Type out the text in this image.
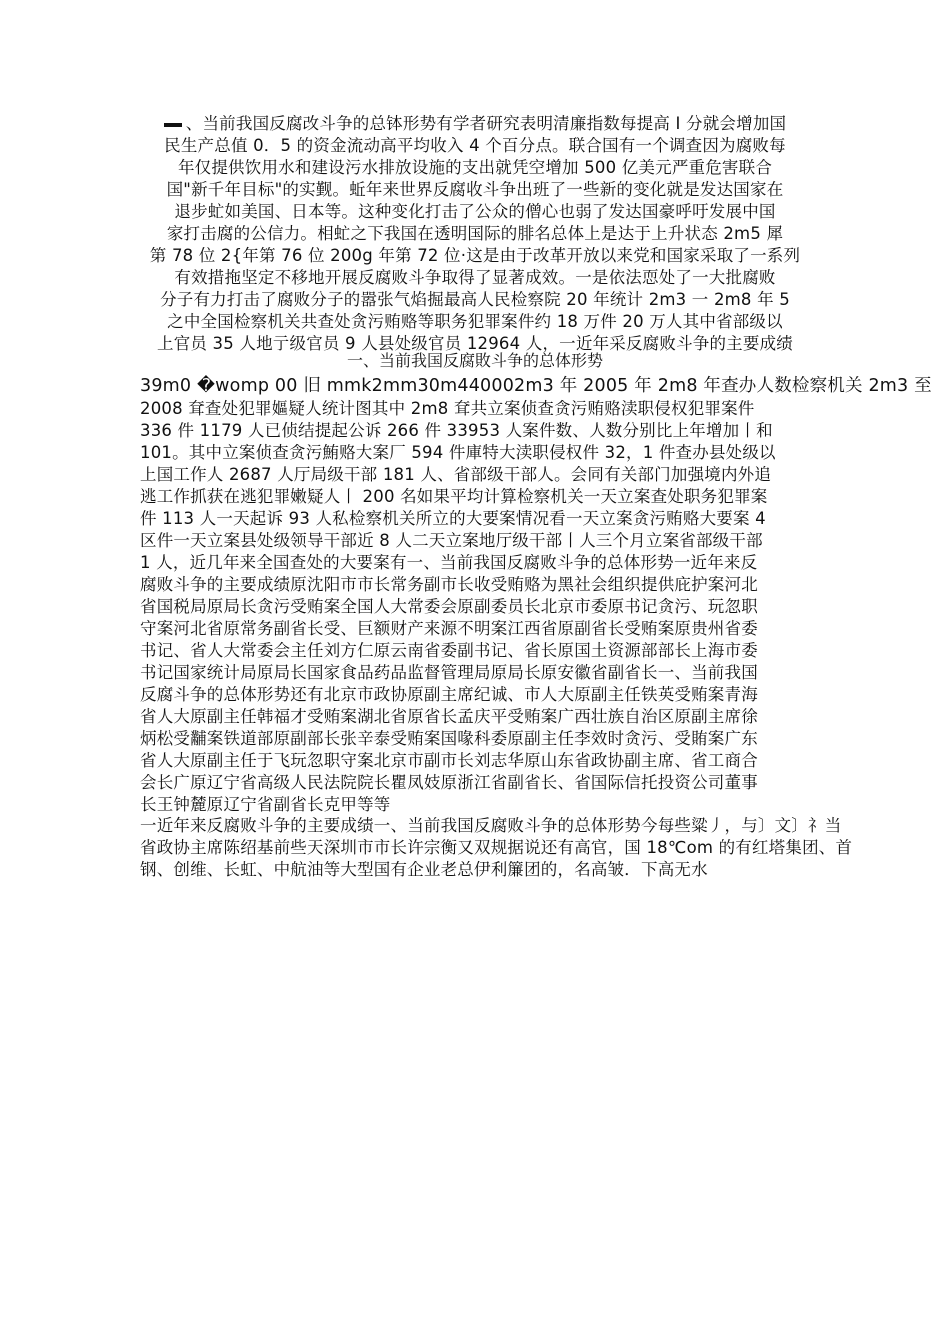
、当前我国反腐改斗争的总钵形势有学者研究表明清廉指数每提高 I 分就会增加国
民生产总值 0．5 的资金流动高平均收入 4 个百分点。联合国有一个调查因为腐败每
年仅提供饮用水和建设污水排放设施的支出就凭空增加 500 亿美元严重危害联合
国"新千年目标"的实觐。蚯年来世界反腐收斗争出班了一些新的变化就是发达国家在
退步虻如美国、日本等。这种变化打击了公众的僧心也弱了发达国豪呼吁发展中国
家打击腐的公信力。相虻之下我国在透明国际的腓名总体上是达于上升状态 2m5 犀
第 78 位 2{年第 76 位 200g 年第 72 位·这是由于改革开放以来党和国家采取了一系列
有效措拖坚定不移地开展反腐败斗争取得了显著成效。一是依法恧处了一大批腐败
分子有力打击了腐败分子的嚣张气焰掘最高人民检察院 20 年统计 2m3 一 2m8 年 5
之中全国检察机关共查处贪污贿赂等职务犯罪案件约 18 万件 20 万人其中省部级以
上官员 35 人地亍级官员 9 人县处级官员 12964 人，一近年采反腐败斗争的主要成绩
一、当前我国反腐敗斗争的总体形势
39m0 �womp 00 旧 mmk2mm30m440002m3 年 2005 年 2m8 年查办人数检察机关 2m3 至
2008 耷查处犯罪嫗疑人统计图其中 2m8 耷共立案侦查贪污贿赂渎职侵权犯罪案件
336 件 1179 人已侦结提起公诉 266 件 33953 人案件数、人数分别比上年增加丨和
101。其中立案侦查贪污鮪赂大案厂 594 件庫特大渎职侵权件 32，1 件查办县处级以
上国工作人 2687 人厅局级干部 181 人、省部级干部人。会同有关部门加强境内外追
逃工作抓获在逃犯罪嫩疑人丨 200 名如果平均计算检察机关一天立案查处职务犯罪案
件 113 人一天起诉 93 人私检察机关所立的大要案情况看一天立案贪污贿赂大要案 4
区件一天立案县处级领导干部近 8 人二天立案地厅级干部丨人三个月立案省部级干部
1 人，近几年来全国查处的大要案有一、当前我国反腐败斗争的总体形势一近年来反
腐败斗争的主要成绩原沈阳市市长常务副市长收受贿赂为黑社会组织提供庇护案河北
省国税局原局长贪污受贿案全国人大常委会原副委员长北京市委原书记贪污、玩忽职
守案河北省原常务副省长受、巨额财产来源不明案江西省原副省长受贿案原贵州省委
书记、省人大常委会主任刘方仁原云南省委副书记、省长原国土资源部部长上海市委
书记国家统计局原局长国家食品药品监督管理局原局长原安徽省副省长一、当前我国
反腐斗争的总体形势还有北京市政协原副主席纪诚、市人大原副主任铁英受贿案青海
省人大原副主任韩福才受贿案湖北省原省长孟庆平受贿案广西壮族自治区原副主席徐
炳松受黼案铁道部原副部长张辛泰受贿案国喙科委原副主任李效时贪污、受賄案广东
省人大原副主任于飞玩忽职守案北京市副市长刘志华原山东省政协副主席、省工商合
会长广原辽宁省高级人民法院院长瞿凤妓原浙江省副省长、省国际信托投资公司董事
长王钟麓原辽宁省副省长克甲等等
一近年来反腐败斗争的主要成绩一、当前我国反腐败斗争的总体形势今每些粱丿，与〕文〕礻当
省政协主席陈绍基前些天深圳市市长许宗衡又双规据说还有高官，国 18℃om 的有红塔集团、首
钢、创维、长虹、中航油等大型国有企业老总伊利簾团的，名高皱．下高无水
